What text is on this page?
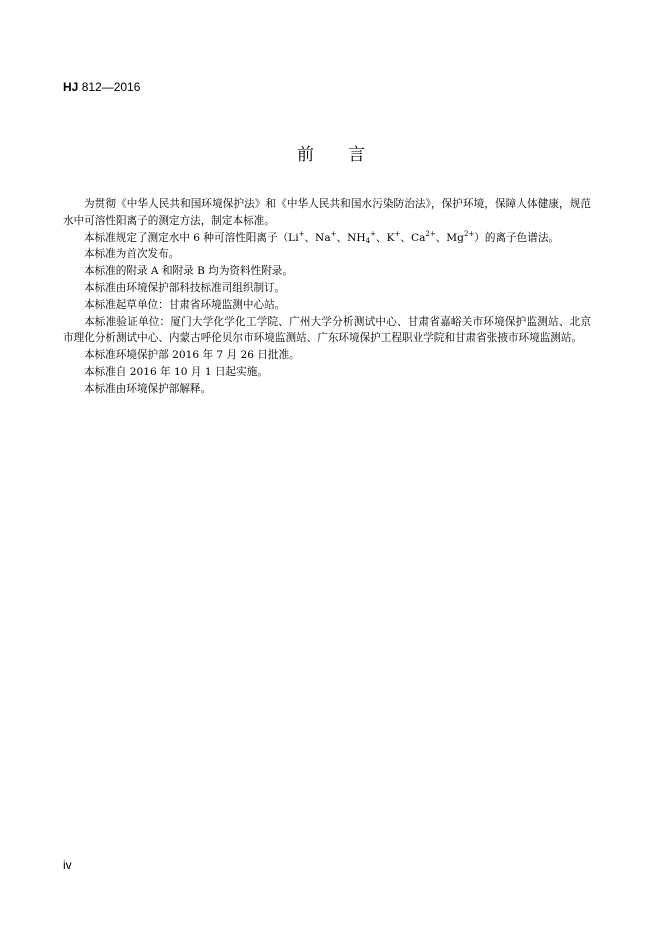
HJ 812—2016
前 言

为贯彻《中华人民共和国环境保护法》和《中华人民共和国水污染防治法》，保护环境，保障人体健康，规范水中可溶性阳离子的测定方法，制定本标准。

本标准规定了测定水中 6 种可溶性阳离子（Li+、Na+、$NH_4^+$、K+、$Ca^{2+}$、$Mg^{2+}$）的离子色谱法。

本标准为首次发布。

本标准的附录 A 和附录 B 均为资料性附录。

本标准由环境保护部科技标准司组织制订。

本标准起草单位：甘肃省环境监测中心站。

本标准验证单位：厦门大学化学化工学院、广州大学分析测试中心、甘肃省嘉峪关市环境保护监测站、北京市理化分析测试中心、内蒙古呼伦贝尔市环境监测站、广东环境保护工程职业学院和甘肃省张掖市环境监测站。

本标准环境保护部 2016 年 7 月 26 日批准。

本标准自 2016 年 10 月 1 日起实施。

本标准由环境保护部解释。

iv
